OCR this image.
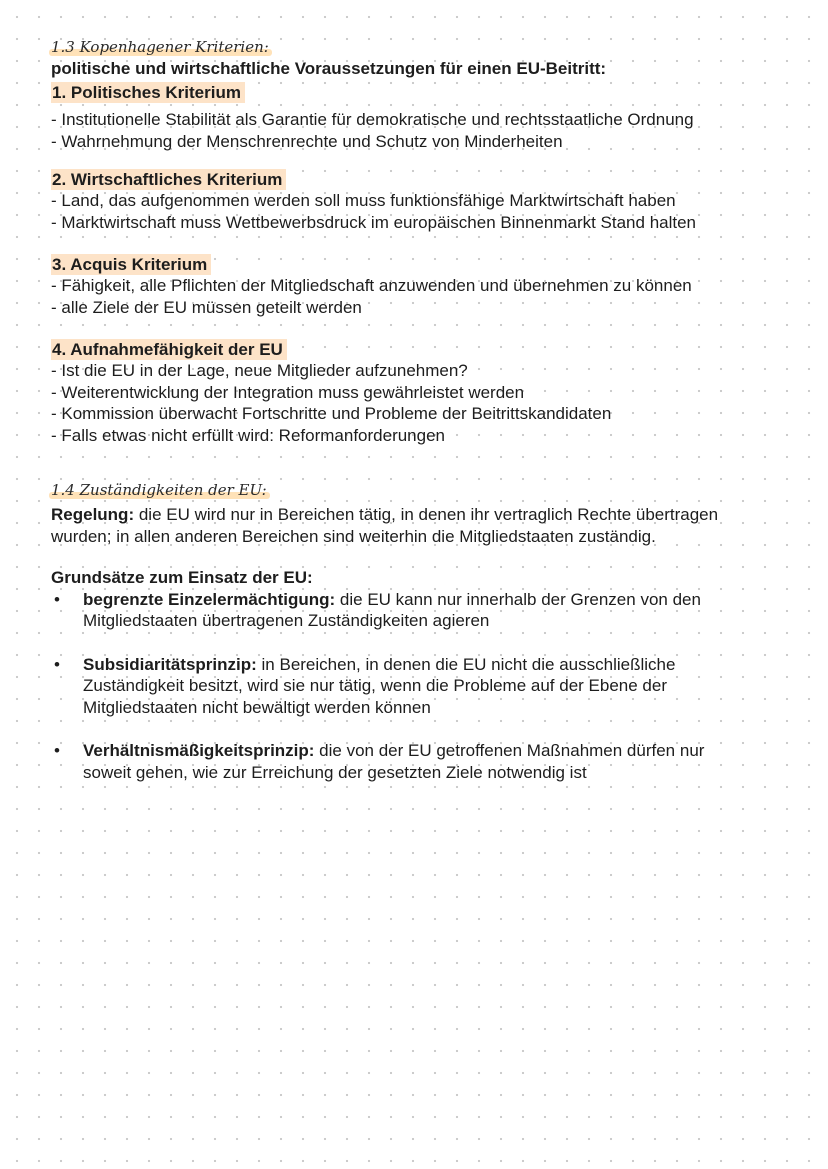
1.3 Kopenhagener Kriterien:
politische und wirtschaftliche Voraussetzungen für einen EU-Beitritt:
1. Politisches Kriterium
- Institutionelle Stabilität als Garantie für demokratische und rechtsstaatliche Ordnung
- Wahrnehmung der Menschrenrechte und Schutz von Minderheiten
2. Wirtschaftliches Kriterium
- Land, das aufgenommen werden soll muss funktionsfähige Marktwirtschaft haben
- Marktwirtschaft muss Wettbewerbsdruck im europäischen Binnenmarkt Stand halten
3. Acquis Kriterium
- Fähigkeit, alle Pflichten der Mitgliedschaft anzuwenden und übernehmen zu können
- alle Ziele der EU müssen geteilt werden
4. Aufnahmefähigkeit der EU
- Ist die EU in der Lage, neue Mitglieder aufzunehmen?
- Weiterentwicklung der Integration muss gewährleistet werden
- Kommission überwacht Fortschritte und Probleme der Beitrittskandidaten
- Falls etwas nicht erfüllt wird: Reformanforderungen
1.4 Zuständigkeiten der EU:
Regelung: die EU wird nur in Bereichen tätig, in denen ihr vertraglich Rechte übertragen
wurden; in allen anderen Bereichen sind weiterhin die Mitgliedstaaten zuständig.
Grundsätze zum Einsatz der EU:
• begrenzte Einzelermächtigung: die EU kann nur innerhalb der Grenzen von den
Mitgliedstaaten übertragenen Zuständigkeiten agieren
• Subsidiaritätsprinzip: in Bereichen, in denen die EU nicht die ausschließliche
Zuständigkeit besitzt, wird sie nur tätig, wenn die Probleme auf der Ebene der
Mitgliedstaaten nicht bewältigt werden können
• Verhältnismäßigkeitsprinzip: die von der EU getroffenen Maßnahmen dürfen nur
soweit gehen, wie zur Erreichung der gesetzten Ziele notwendig ist
